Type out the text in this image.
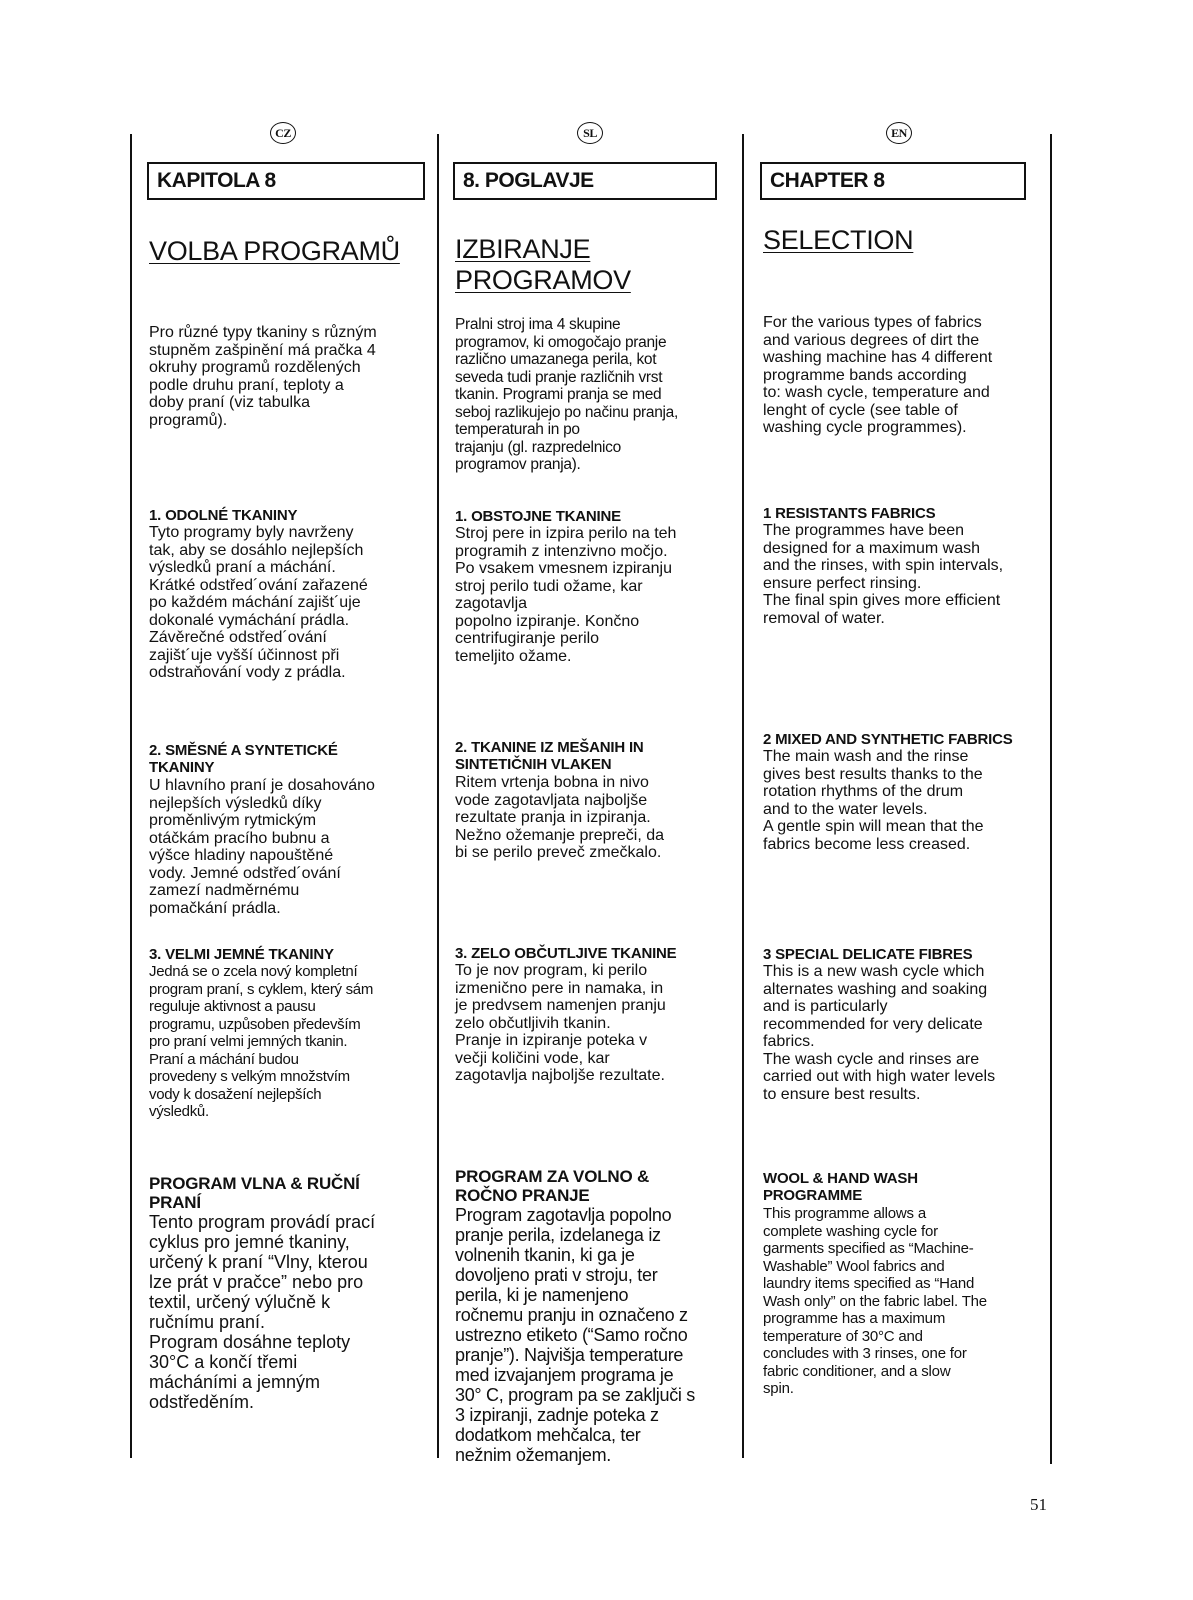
CZ
KAPITOLA 8
VOLBA PROGRAMŮ

Pro různé typy tkaniny s různým
stupněm zašpinění má pračka 4
okruhy programů rozdělených
podle druhu praní, teploty a
doby praní (viz tabulka
programů).

1. ODOLNÉ TKANINY

Tyto programy byly navrženy
tak, aby se dosáhlo nejlepších
výsledků praní a máchání.
Krátké odstřed´ování zařazené
po každém máchání zajišt´uje
dokonalé vymáchání prádla.
Závěrečné odstřed´ování
zajišt´uje vyšší účinnost při
odstraňování vody z prádla.

2. SMĚSNÉ A SYNTETICKÉ
TKANINY

U hlavního praní je dosahováno
nejlepších výsledků díky
proměnlivým rytmickým
otáčkám pracího bubnu a
výšce hladiny napouštěné
vody. Jemné odstřed´ování
zamezí nadměrnému
pomačkání prádla.

3. VELMI JEMNÉ TKANINY

Jedná se o zcela nový kompletní
program praní, s cyklem, který sám
reguluje aktivnost a pausu
programu, uzpůsoben především
pro praní velmi jemných tkanin.
Praní a máchání budou
provedeny s velkým množstvím
vody k dosažení nejlepších
výsledků.

PROGRAM VLNA & RUČNÍ
PRANÍ

Tento program provádí prací
cyklus pro jemné tkaniny,
určený k praní “Vlny, kterou
lze prát v pračce” nebo pro
textil, určený výlučně k
ručnímu praní.
Program dosáhne teploty
30°C a končí třemi
mácháními a jemným
odstředěním.

SL
8. POGLAVJE
IZBIRANJE
PROGRAMOV

Pralni stroj ima 4 skupine
programov, ki omogočajo pranje
različno umazanega perila, kot
seveda tudi pranje različnih vrst
tkanin. Programi pranja se med
seboj razlikujejo po načinu pranja,
temperaturah in po
trajanju (gl. razpredelnico
programov pranja).

1. OBSTOJNE TKANINE

Stroj pere in izpira perilo na teh
programih z intenzivno močjo.
Po vsakem vmesnem izpiranju
stroj perilo tudi ožame, kar
zagotavlja
popolno izpiranje. Končno
centrifugiranje perilo
temeljito ožame.

2. TKANINE IZ MEŠANIH IN
SINTETIČNIH VLAKEN

Ritem vrtenja bobna in nivo
vode zagotavljata najboljše
rezultate pranja in izpiranja.
Nežno ožemanje prepreči, da
bi se perilo preveč zmečkalo.

3. ZELO OBČUTLJIVE TKANINE

To je nov program, ki perilo
izmenično pere in namaka, in
je predvsem namenjen pranju
zelo občutljivih tkanin.
Pranje in izpiranje poteka v
večji količini vode, kar
zagotavlja najboljše rezultate.

PROGRAM ZA VOLNO &
ROČNO PRANJE

Program zagotavlja popolno
pranje perila, izdelanega iz
volnenih tkanin, ki ga je
dovoljeno prati v stroju, ter
perila, ki je namenjeno
ročnemu pranju in označeno z
ustrezno etiketo (“Samo ročno
pranje”). Najvišja temperature
med izvajanjem programa je
30° C, program pa se zaključi s
3 izpiranji, zadnje poteka z
dodatkom mehčalca, ter
nežnim ožemanjem.

EN
CHAPTER 8
SELECTION

For the various types of fabrics
and various degrees of dirt the
washing machine has 4 different
programme bands according
to: wash cycle, temperature and
lenght of cycle (see table of
washing cycle programmes).

1 RESISTANTS FABRICS

The programmes have been
designed for a maximum wash
and the rinses, with spin intervals,
ensure perfect rinsing.
The final spin gives more efficient
removal of water.

2 MIXED AND SYNTHETIC FABRICS

The main wash and the rinse
gives best results thanks to the
rotation rhythms of the drum
and to the water levels.
A gentle spin will mean that the
fabrics become less creased.

3 SPECIAL DELICATE FIBRES

This is a new wash cycle which
alternates washing and soaking
and is particularly
recommended for very delicate
fabrics.
The wash cycle and rinses are
carried out with high water levels
to ensure best results.

WOOL & HAND WASH
PROGRAMME

This programme allows a
complete washing cycle for
garments specified as “Machine-
Washable” Wool fabrics and
laundry items specified as “Hand
Wash only” on the fabric label. The
programme has a maximum
temperature of 30°C and
concludes with 3 rinses, one for
fabric conditioner, and a slow
spin.

51
